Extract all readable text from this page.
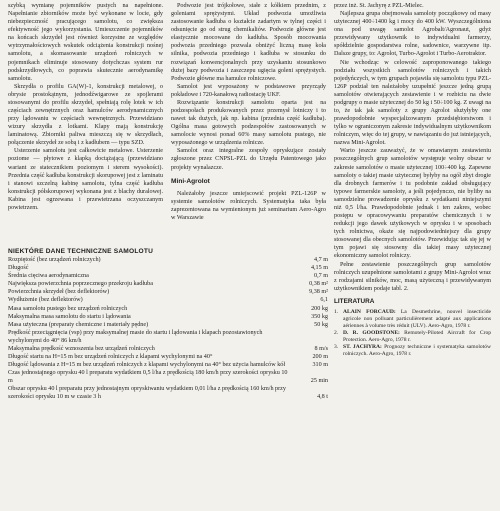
szybką wymianę pojemników pustych na napełnione. Napełnianie zbiorników może być wykonane w locie, gdy niebezpieczność pracującego samolotu, co zwiększa efektywność jego wykorzystania. Umieszczenie pojemników na końcach skrzydeł jest również korzystne ze względów wytrzymałościowych wskutek odciążenia konstrukcji nośnej samolotu, a skomasowanie urządzeń rolniczych w pojemnikach eliminuje stosowany dotychczas system rur podskrzydłowych, co poprawia skutecznie aerodynamikę samolotu.

Skrzydła o profilu GA(W)-1, konstrukcji metalowej, o obrysie prostokątnym, jednodźwigarowe ze spojlerami stosowanymi do profilu skrzydeł, spełniają rolę lotek w ich częściach zewnętrznych oraz hamulców aerodynamicznych przy lądowaniu w częściach wewnętrznych. Przewidziano wizury skrzydła z lotkami. Klapy mają konstrukcję laminatową. Zbiorniki paliwa mieszczą się w skrzydłach, połączenie skrzydeł ze sobą i z kadłubem — typu SZD.

Usterzenie samolotu jest całkowicie metalowe. Usterzenie poziome — płytowe z klapką doctążającą (przewidziano wariant ze statecznikiem poziomym i sterem wysokości). Przednia część kadłuba konstrukcji skorupowej jest z laminatu i stanowi szczelną kabinę samolotu, tylna część kadłuba konstrukcji półskorupowej wykonana jest z blachy duralowej. Kabina jest ogrzewana i przewietrzana oczyszczanym powietrzem.

Podwozie jest trójkołowe, stałe z kółkiem przednim, z goleniami sprężystymi. Układ podwozia umożliwia zastosowanie kadłuba o kształcie zadartym w tylnej części i odsunięcie go od strug chemikaliów. Podwozie główne jest elastycznie mocowane do kadłuba. Sposób mocowania podwozia przedniego pozwala obniżyć liczną masę koła silnika, podwozia przedniego i kadłuba w stosunku do rozwiązań konwencjonalnych przy uzyskaniu stosunkowo dużej bazy podwozia i zaszczepu ugięcia goleni sprężystych. Podwozie główne ma hamulce rolniczowe.

Samolot jest wyposażony w podstawowe przyrządy pokładowe i 720-kanałową radiostację UKF.

Rozwiązanie konstrukcji samolotu oparta jest na podzespołach produkowanych przez przemysł lotniczy i to nawet tak dużych, jak np. kabina (przednia część kadłuba). Ogólna masa gotowych podzespołów zastosowanych w samolocie wynosi ponad 60% masy samolotu pustego, nie wyposażonego w urządzenia rolnicze.

Samolot oraz integralne zespoły opryskujące zostały zgłoszone przez CNPSL-PZL do Urzędu Patentowego jako projekty wynalazcze.

Mini-Agrolot

Należałoby jeszcze umiejscowić projekt PZL-126P w systemie samolotów rolniczych. Systematyka taka była zaprezentowana na wymienionym już seminarium Aero-Agro w Warszawie

przez inż. St. Jachyrę z PZL-Mielec.

Najlepsza grupa obejmowała samoloty początkowy od masy użytecznej 400÷1400 kg i mocy do 400 kW. Wyszczególniona ona pod uwagę samolot Agrobalt/Agronaut, gdyż przewidywany użytkownik to indywidualni farmerzy, spółdzielnie gospodarstwa rolne, sadownice, warzywne itp. Dalsze grupy, to: Agrolot, Turbo-Agrolot i Turbo-Aerotraktor.

Nie wchodząc w celowość zaproponowanego takiego podziału wszystkich samolotów rolniczych i takich pojedyńczych, w tym grupach pojawiła się samolotu typu PZL-126P podział ten należałoby uzupełnić jeszcze jedną grupą samolotów otwierających zestawienie i w rozbiciu na dwie podgrupy o masie użytecznej do 50 kg i 50÷100 kg. Z uwagi na to, że tak jak samoloty z grupy Agrolot służyłyby one prawdopodobnie wyspecjalizowanym przedsiębiorstwom i tylko w ograniczonym zakresie indywidualnym użytkownikom rolniczym, więc do tej grupy, w nawiązaniu do już istniejących, nazwa Mini-Agrolot.

Warto jeszcze zauważyć, że w omawianym zestawieniu poszczególnych grup samolotów występuje wolny obszar w zakresie samolotów o masie użytecznej 100÷400 kg. Zapewne samoloty o takiej masie użytecznej byłyby na ogół zbyt drogie dla drobnych farmerów i tu podobnie zakład obsługujący typowe farmerskie samoloty, a jeśli pojedynczo, nie byliby na samodzielne prowadzenie oprysku z wydatkami niniejszymi niż 0,5 l/ha. Prawdopodobnie jednak i ten zakres, wobec postępu w opracowywaniu preparatów chemicznych i w redukcji jego dawek użytkowych w oprysku i w sposobach tych rolnictwa, okaże się najpodowiedniejszy dla grupy stosowanej dla obecnych samolotów. Przewidując tak się jej w tym pojawi się stosowny dla takiej masy użytecznej ekonomiczny samolot rolniczy.

Pełne zestawienie poszczególnych grup samolotów rolniczych uzupełnione samolotami z grupy Mini-Agrolot wraz z rodzajami silników, moc, masą użyteczną i przewidywanym użytkownikiem podaje tabl. 2.

LITERATURA
1. ALAIN FORCAUD: La Desmethrine, nouvel insecticide agricole non polluant particulièrement adapté aux applications aériennes à volume très réduit (ULV). Aero-Agro, 1978 r.
2. D. R. GOODSTONE: Remotely-Piloted Aircraft for Crop Protection. Aero-Agro, 1978 r.
3. ST. JACHYRA: Prognozy techniczne i systematyka samolotów rolniczych. Aero-Agro, 1978 r.
NIEKTÓRE DANE TECHNICZNE SAMOLOTU
Rozpiętość (bez urządzeń rolniczych)	4,7 m
Długość	4,15 m
Średnia cięciwa aerodynamiczna	0,7 m
Największa powierzchnia poprzecznego przekroju kadłuba	0,38 m²
Powierzchnia skrzydeł (bez deflektorów)	9,38 m²
Wydłużenie (bez deflektorów)	6,1
Masa samolotu pustego bez urządzeń rolniczych	200 kg
Maksymalna masa samolotu do startu i lądowania	350 kg
Masa użyteczna (preparaty chemiczne i materiały pędne)	50 kg
Prędkość przeciągnięcia (vsp) przy maksymalnej masie do startu i lądowania i klapach pozostawionych wychylonymi do 40° 86 km/h
Maksymalna prędkość wznoszenia bez urządzeń rolniczych	8 m/s
Długość startu na H=15 m bez urządzeń rolniczych z klapami wychylonymi na 40°	200 m
Długość lądowania z H=15 m bez urządzeń rolniczych z klapami wychylonymi na 40° bez użycia hamulców kół	310 m
Czas jednostajnego oprysku 40 l preparatu wydatkiem 0,5 l/ha z prędkością 180 km/h przy szerokości oprysku 10 m	25 min
Obszar oprysku 40 l preparatu przy jednostajnym opryskiwaniu wydatkiem 0,01 l/ha z prędkością 160 km/h przy szerokości oprysku 10 m w czasie 3 h	4,8 t
